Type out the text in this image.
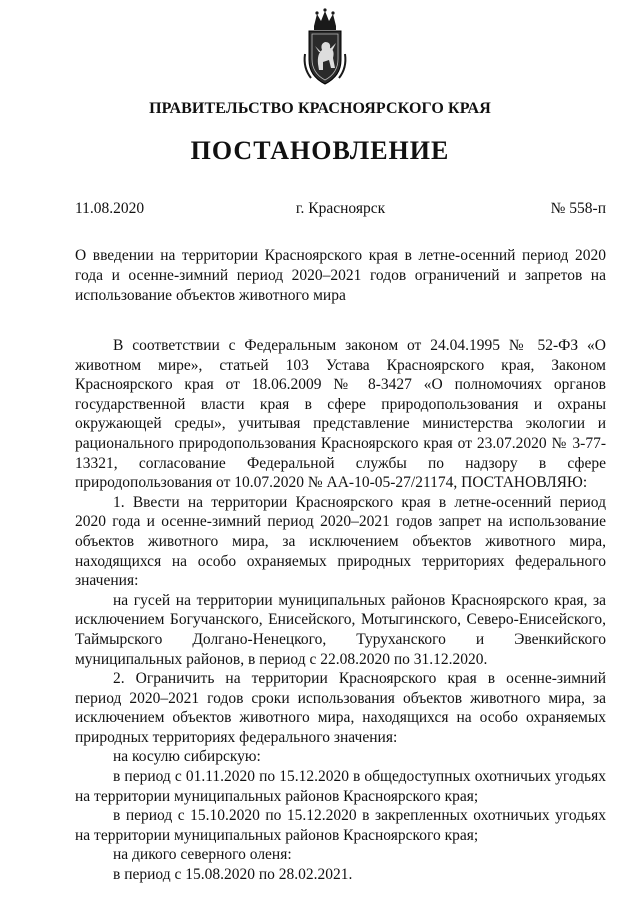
ПРАВИТЕЛЬСТВО КРАСНОЯРСКОГО КРАЯ
ПОСТАНОВЛЕНИЕ
11.08.2020	г. Красноярск	№ 558-п
О введении на территории Красноярского края в летне-осенний период 2020 года и осенне-зимний период 2020–2021 годов ограничений и запретов на использование объектов животного мира

В соответствии с Федеральным законом от 24.04.1995 № 52-ФЗ «О животном мире», статьей 103 Устава Красноярского края, Законом Красноярского края от 18.06.2009 № 8-3427 «О полномочиях органов государственной власти края в сфере природопользования и охраны окружающей среды», учитывая представление министерства экологии и рационального природопользования Красноярского края от 23.07.2020 № 3-77-13321, согласование Федеральной службы по надзору в сфере природопользования от 10.07.2020 № АА-10-05-27/21174, ПОСТАНОВЛЯЮ:

1. Ввести на территории Красноярского края в летне-осенний период 2020 года и осенне-зимний период 2020–2021 годов запрет на использование объектов животного мира, за исключением объектов животного мира, находящихся на особо охраняемых природных территориях федерального значения:

на гусей на территории муниципальных районов Красноярского края, за исключением Богучанского, Енисейского, Мотыгинского, Северо-Енисейского, Таймырского Долгано-Ненецкого, Туруханского и Эвенкийского муниципальных районов, в период с 22.08.2020 по 31.12.2020.

2. Ограничить на территории Красноярского края в осенне-зимний период 2020–2021 годов сроки использования объектов животного мира, за исключением объектов животного мира, находящихся на особо охраняемых природных территориях федерального значения:

на косулю сибирскую:

в период с 01.11.2020 по 15.12.2020 в общедоступных охотничьих угодьях на территории муниципальных районов Красноярского края;

в период с 15.10.2020 по 15.12.2020 в закрепленных охотничьих угодьях на территории муниципальных районов Красноярского края;

на дикого северного оленя:

в период с 15.08.2020 по 28.02.2021.
